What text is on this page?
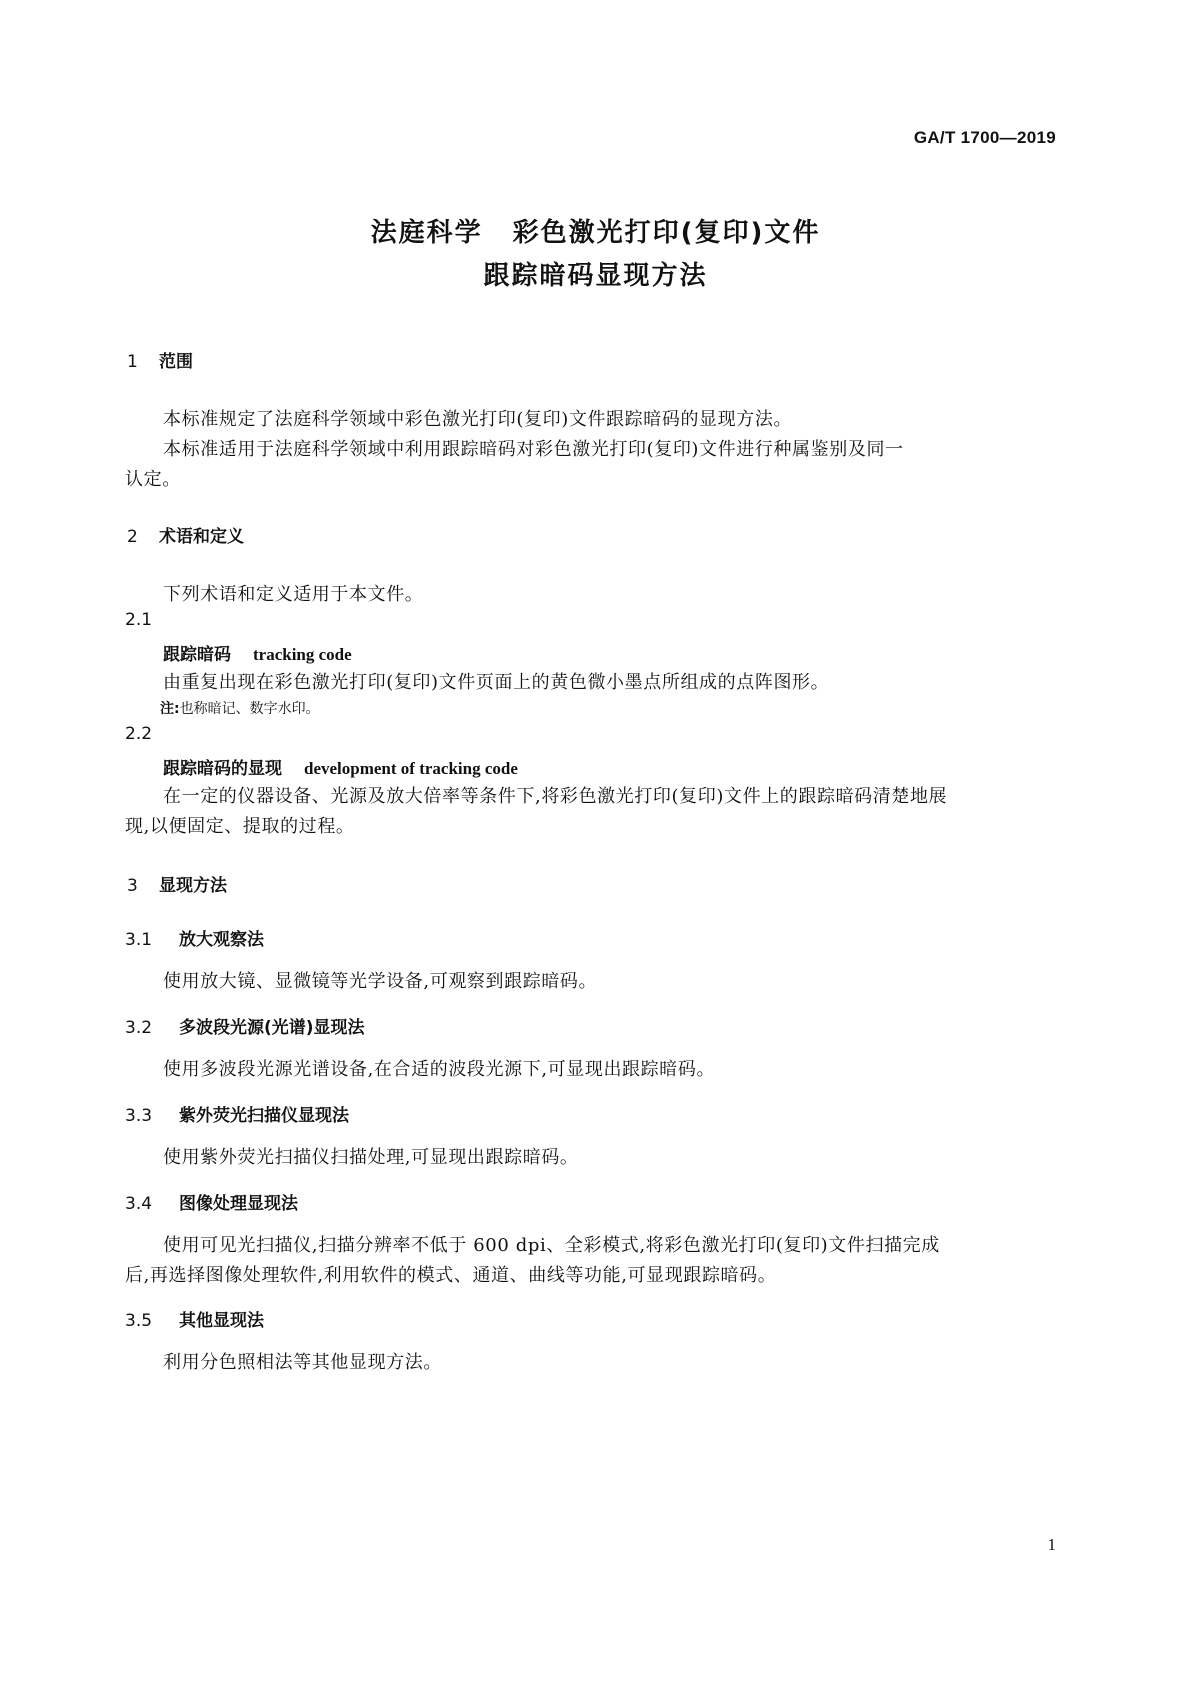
GA/T 1700—2019
法庭科学 彩色激光打印(复印)文件
跟踪暗码显现方法
1 范围
本标准规定了法庭科学领域中彩色激光打印(复印)文件跟踪暗码的显现方法。
本标准适用于法庭科学领域中利用跟踪暗码对彩色激光打印(复印)文件进行种属鉴别及同一
认定。
2 术语和定义
下列术语和定义适用于本文件。
2.1
跟踪暗码 tracking code
由重复出现在彩色激光打印(复印)文件页面上的黄色微小墨点所组成的点阵图形。
注:也称暗记、数字水印。
2.2
跟踪暗码的显现 development of tracking code
在一定的仪器设备、光源及放大倍率等条件下,将彩色激光打印(复印)文件上的跟踪暗码清楚地展
现,以便固定、提取的过程。
3 显现方法
3.1 放大观察法
使用放大镜、显微镜等光学设备,可观察到跟踪暗码。
3.2 多波段光源(光谱)显现法
使用多波段光源光谱设备,在合适的波段光源下,可显现出跟踪暗码。
3.3 紫外荧光扫描仪显现法
使用紫外荧光扫描仪扫描处理,可显现出跟踪暗码。
3.4 图像处理显现法
使用可见光扫描仪,扫描分辨率不低于 600 dpi、全彩模式,将彩色激光打印(复印)文件扫描完成
后,再选择图像处理软件,利用软件的模式、通道、曲线等功能,可显现跟踪暗码。
3.5 其他显现法
利用分色照相法等其他显现方法。
1
